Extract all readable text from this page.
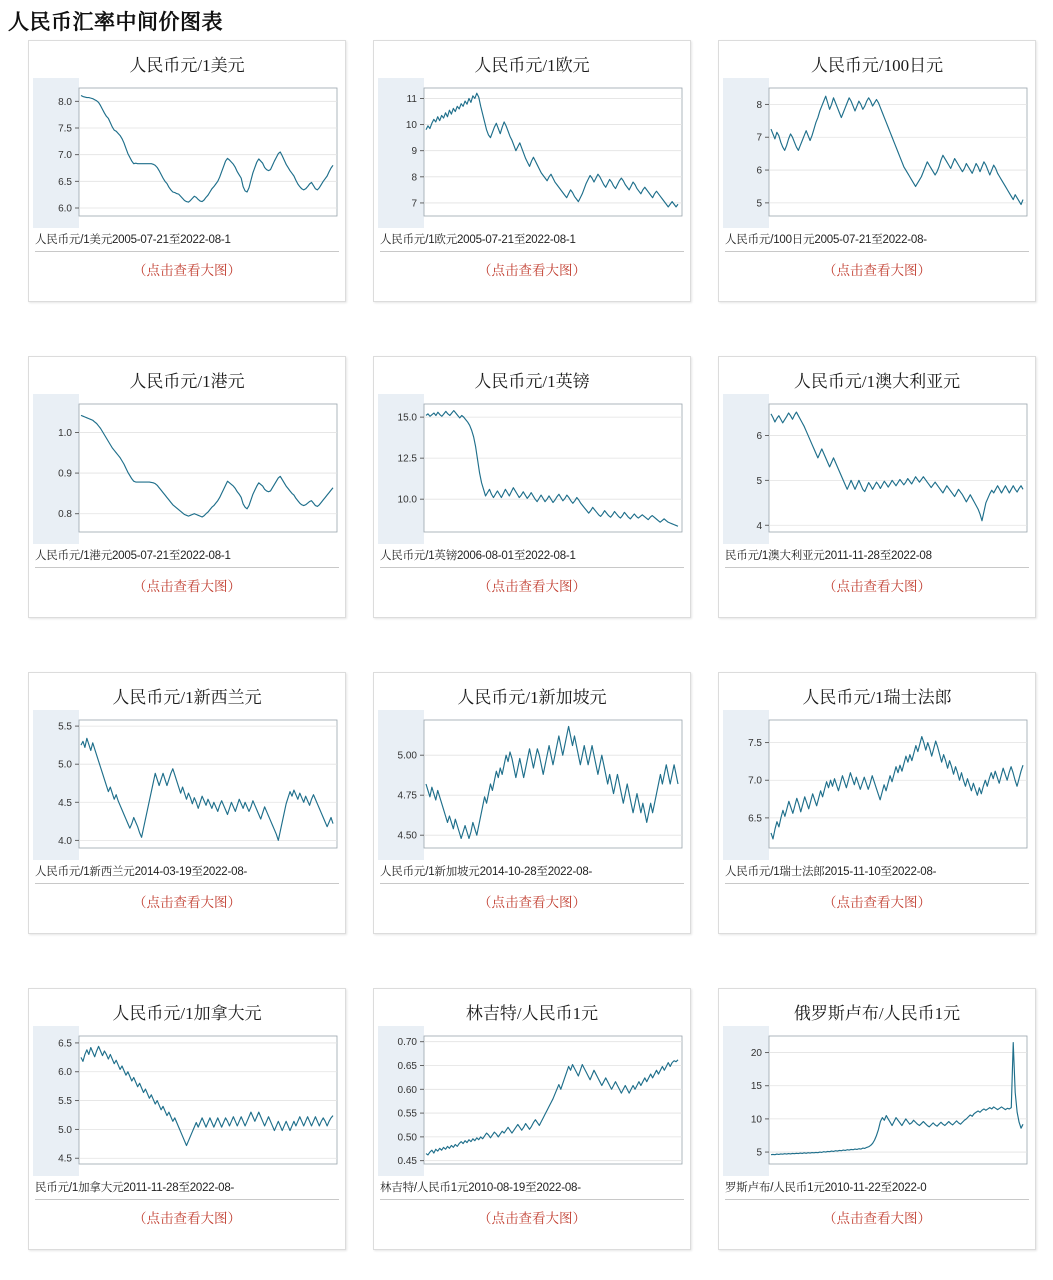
人民币汇率中间价图表
人民币元/1美元
6.0
6.5
7.0
7.5
8.0
人民币元/1美元2005-07-21至2022-08-1
（点击查看大图）
人民币元/1欧元
7
8
9
10
11
人民币元/1欧元2005-07-21至2022-08-1
（点击查看大图）
人民币元/100日元
5
6
7
8
人民币元/100日元2005-07-21至2022-08-
（点击查看大图）
人民币元/1港元
0.8
0.9
1.0
人民币元/1港元2005-07-21至2022-08-1
（点击查看大图）
人民币元/1英镑
10.0
12.5
15.0
人民币元/1英镑2006-08-01至2022-08-1
（点击查看大图）
人民币元/1澳大利亚元
4
5
6
民币元/1澳大利亚元2011-11-28至2022-08
（点击查看大图）
人民币元/1新西兰元
4.0
4.5
5.0
5.5
人民币元/1新西兰元2014-03-19至2022-08-
（点击查看大图）
人民币元/1新加坡元
4.50
4.75
5.00
人民币元/1新加坡元2014-10-28至2022-08-
（点击查看大图）
人民币元/1瑞士法郎
6.5
7.0
7.5
人民币元/1瑞士法郎2015-11-10至2022-08-
（点击查看大图）
人民币元/1加拿大元
4.5
5.0
5.5
6.0
6.5
民币元/1加拿大元2011-11-28至2022-08-
（点击查看大图）
林吉特/人民币1元
0.45
0.50
0.55
0.60
0.65
0.70
林吉特/人民币1元2010-08-19至2022-08-
（点击查看大图）
俄罗斯卢布/人民币1元
5
10
15
20
罗斯卢布/人民币1元2010-11-22至2022-0
（点击查看大图）
